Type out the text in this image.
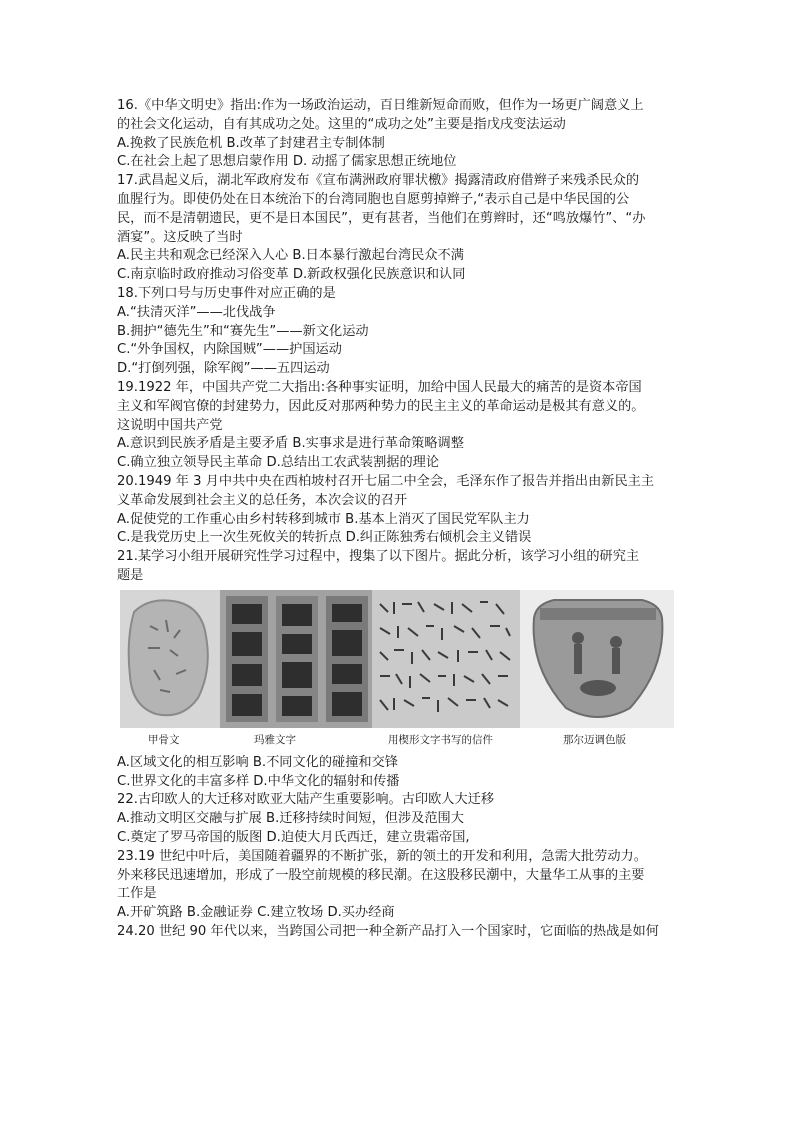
16.《中华文明史》指出:作为一场政治运动，百日维新短命而败，但作为一场更广阔意义上
的社会文化运动，自有其成功之处。这里的“成功之处”主要是指戊戌变法运动
A.挽救了民族危机 B.改革了封建君主专制体制
C.在社会上起了思想启蒙作用 D. 动摇了儒家思想正统地位
17.武昌起义后，湖北军政府发布《宣布满洲政府罪状檄》揭露清政府借辫子来残杀民众的
血腥行为。即使仍处在日本统治下的台湾同胞也自愿剪掉辫子,“表示自己是中华民国的公
民，而不是清朝遗民，更不是日本国民”，更有甚者，当他们在剪辫时，还“鸣放爆竹”、“办
酒宴”。这反映了当时
A.民主共和观念已经深入人心 B.日本暴行激起台湾民众不满
C.南京临时政府推动习俗变革 D.新政权强化民族意识和认同
18.下列口号与历史事件对应正确的是
A.“扶清灭洋”——北伐战争
B.拥护“德先生”和“赛先生”——新文化运动
C.“外争国权，内除国贼”——护国运动
D.“打倒列强，除军阀”——五四运动
19.1922 年，中国共产党二大指出:各种事实证明，加给中国人民最大的痛苦的是资本帝国
主义和军阀官僚的封建势力，因此反对那两种势力的民主主义的革命运动是极其有意义的。
这说明中国共产党
A.意识到民族矛盾是主要矛盾 B.实事求是进行革命策略调整
C.确立独立领导民主革命 D.总结出工农武装割据的理论
20.1949 年 3 月中共中央在西柏坡村召开七届二中全会，毛泽东作了报告并指出由新民主主
义革命发展到社会主义的总任务，本次会议的召开
A.促使党的工作重心由乡村转移到城市 B.基本上消灭了国民党军队主力
C.是我党历史上一次生死攸关的转折点 D.纠正陈独秀右倾机会主义错误
21.某学习小组开展研究性学习过程中，搜集了以下图片。据此分析，该学习小组的研究主
题是
甲骨文	玛雅文字	用楔形文字书写的信件	那尔迈调色版
A.区域文化的相互影响 B.不同文化的碰撞和交锋
C.世界文化的丰富多样 D.中华文化的辐射和传播
22.古印欧人的大迁移对欧亚大陆产生重要影响。古印欧人大迁移
A.推动文明区交融与扩展 B.迁移持续时间短，但涉及范围大
C.奠定了罗马帝国的版图 D.迫使大月氏西迁，建立贵霜帝国,
23.19 世纪中叶后，美国随着疆界的不断扩张，新的领土的开发和利用，急需大批劳动力。
外来移民迅速增加，形成了一股空前规模的移民潮。在这股移民潮中，大量华工从事的主要
工作是
A.开矿筑路 B.金融证券 C.建立牧场 D.买办经商
24.20 世纪 90 年代以来，当跨国公司把一种全新产品打入一个国家时，它面临的热战是如何
